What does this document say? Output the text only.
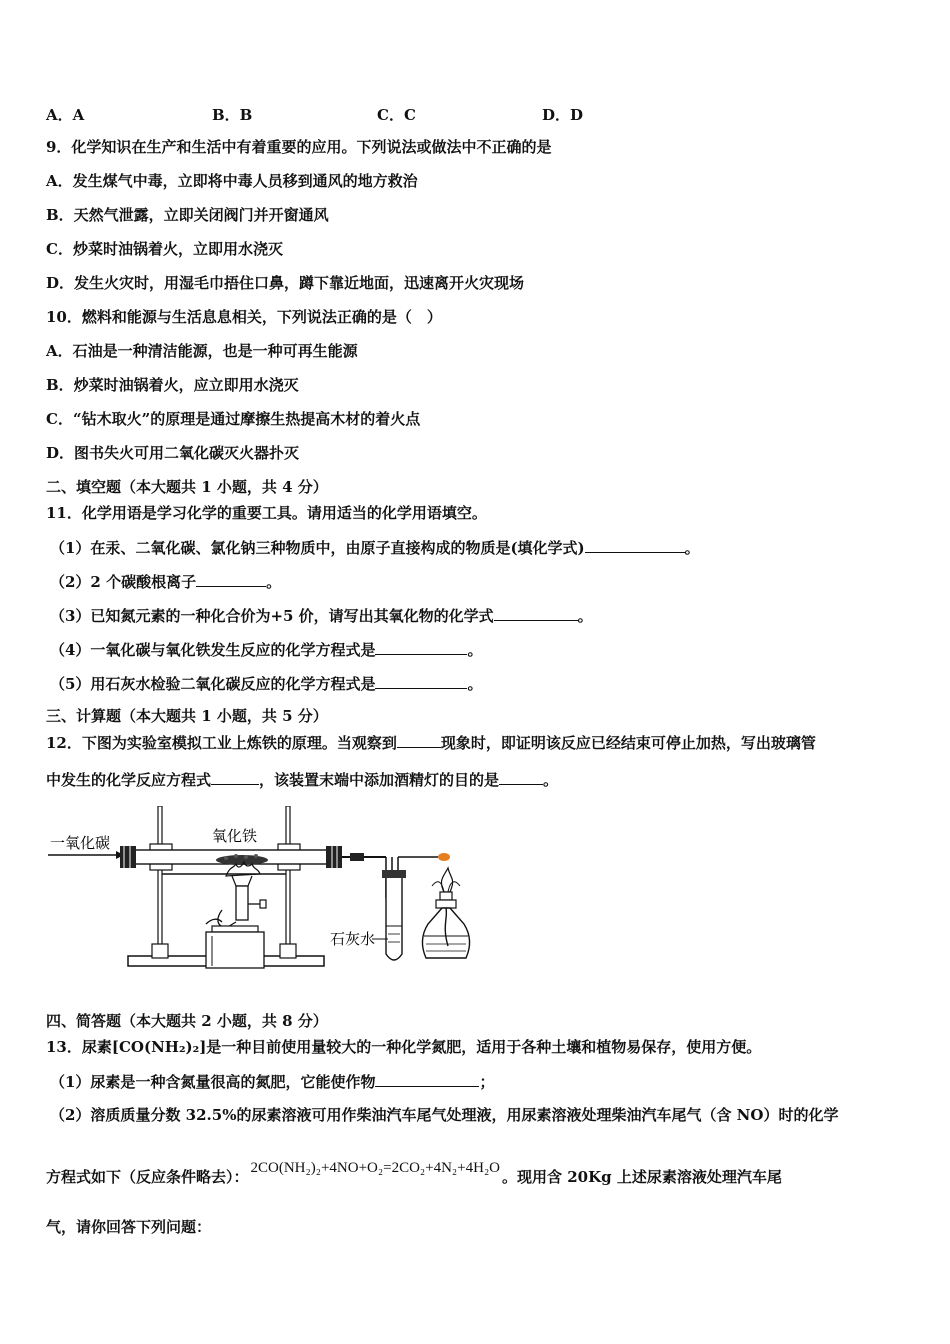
A．A	B．B	C．C	D．D
9．化学知识在生产和生活中有着重要的应用。下列说法或做法中不正确的是
A．发生煤气中毒，立即将中毒人员移到通风的地方救治
B．天然气泄露，立即关闭阀门并开窗通风
C．炒菜时油锅着火，立即用水浇灭
D．发生火灾时，用湿毛巾捂住口鼻，蹲下靠近地面，迅速离开火灾现场
10．燃料和能源与生活息息相关，下列说法正确的是（　）
A．石油是一种清洁能源，也是一种可再生能源
B．炒菜时油锅着火，应立即用水浇灭
C．“钻木取火”的原理是通过摩擦生热提高木材的着火点
D．图书失火可用二氧化碳灭火器扑灭
二、填空题（本大题共 1 小题，共 4 分）
11．化学用语是学习化学的重要工具。请用适当的化学用语填空。
（1）在汞、二氧化碳、氯化钠三种物质中，由原子直接构成的物质是(填化学式)	。
（2）2 个碳酸根离子	。
（3）已知氮元素的一种化合价为+5 价，请写出其氧化物的化学式	。
（4）一氧化碳与氧化铁发生反应的化学方程式是	。
（5）用石灰水检验二氧化碳反应的化学方程式是	。
三、计算题（本大题共 1 小题，共 5 分）
12．下图为实验室模拟工业上炼铁的原理。当观察到	现象时，即证明该反应已经结束可停止加热，写出玻璃管
中发生的化学反应方程式	，该装置末端中添加酒精灯的目的是	。
一氧化碳	氧化铁
石灰水
四、简答题（本大题共 2 小题，共 8 分）
13．尿素[CO(NH₂)₂]是一种目前使用量较大的一种化学氮肥，适用于各种土壤和植物易保存，使用方便。
（1）尿素是一种含氮量很高的氮肥，它能使作物	；
（2）溶质质量分数 32.5%的尿素溶液可用作柴油汽车尾气处理液，用尿素溶液处理柴油汽车尾气（含 NO）时的化学
方程式如下（反应条件略去）： 2CO(NH₂)₂+4NO+O₂=2CO₂+4N₂+4H₂O 。现用含 20Kg 上述尿素溶液处理汽车尾
气，请你回答下列问题：
